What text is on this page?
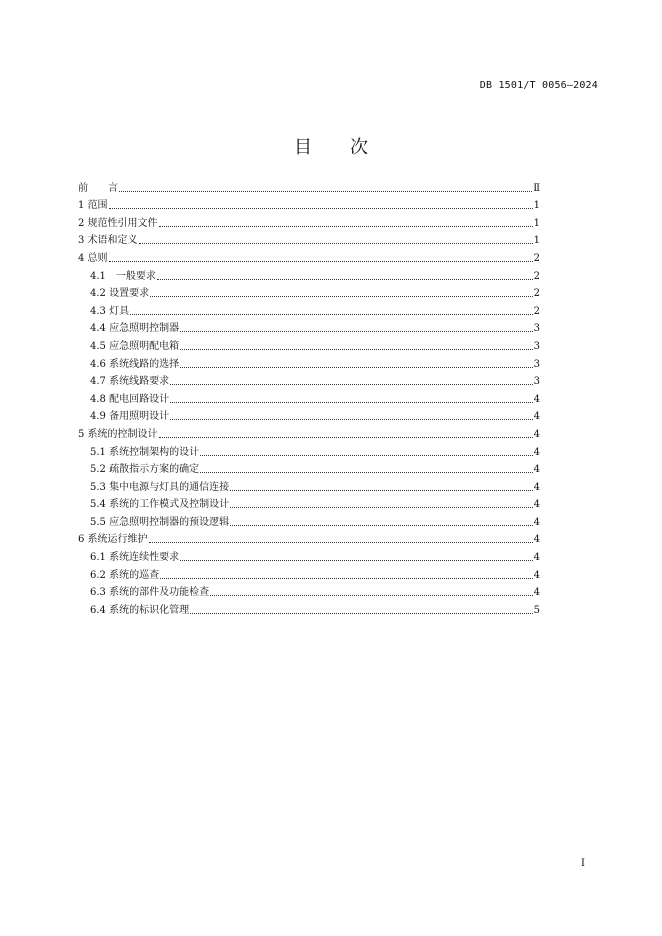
DB 1501/T 0056—2024
目次
前　　言	Ⅱ
1 范围	1
2 规范性引用文件	1
3 术语和定义	1
4 总则	2
4.1　一般要求	2
4.2 设置要求	2
4.3 灯具	2
4.4 应急照明控制器	3
4.5 应急照明配电箱	3
4.6 系统线路的选择	3
4.7 系统线路要求	3
4.8 配电回路设计	4
4.9 备用照明设计	4
5 系统的控制设计	4
5.1 系统控制架构的设计	4
5.2 疏散指示方案的确定	4
5.3 集中电源与灯具的通信连接	4
5.4 系统的工作模式及控制设计	4
5.5 应急照明控制器的预设逻辑	4
6 系统运行维护	4
6.1 系统连续性要求	4
6.2 系统的巡查	4
6.3 系统的部件及功能检查	4
6.4 系统的标识化管理	5
I
